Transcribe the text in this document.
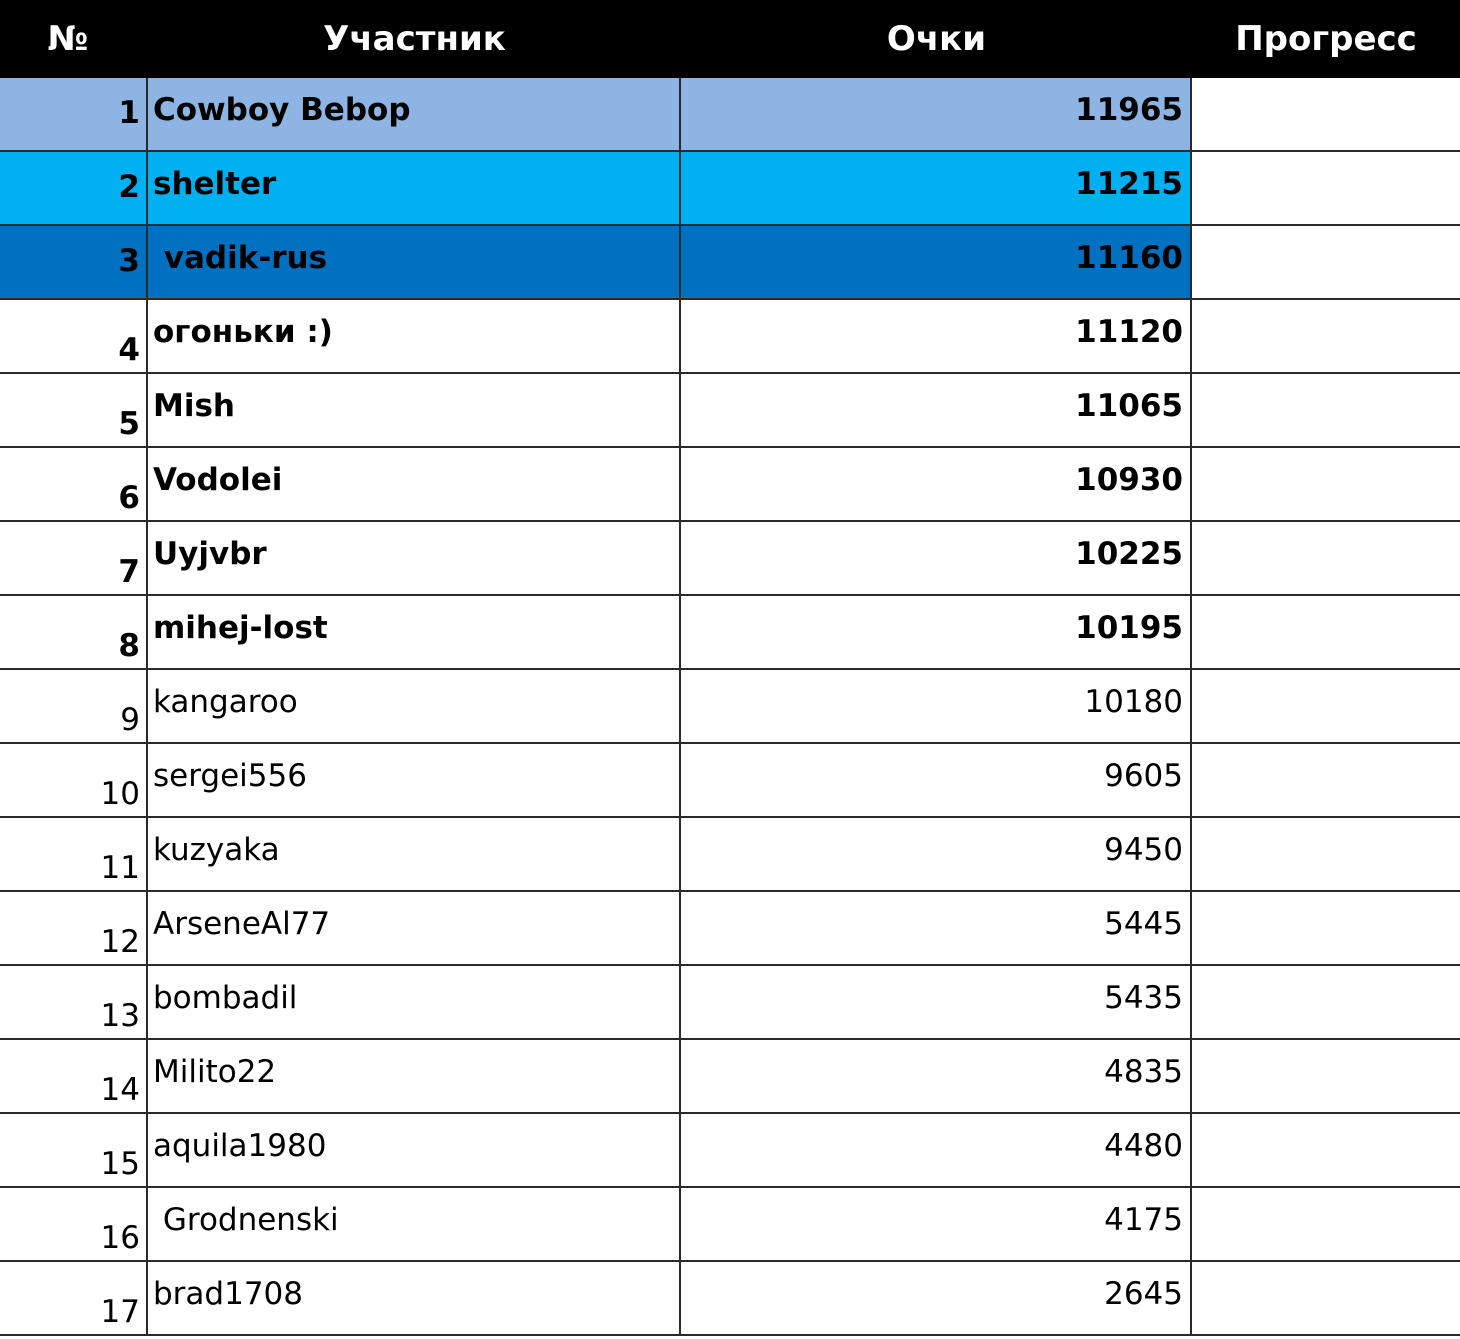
№	Участник	Очки	Прогресс
1 Cowboy Bebop	11965
2 shelter	11215
3 vadik-rus	11160
4 огоньки :)	11120
5 Mish	11065
6 Vodolei	10930
7 Uyjvbr	10225
8 mihej-lost	10195
9 kangaroo	10180
10 sergei556	9605
11 kuzyaka	9450
12 ArseneAl77	5445
13 bombadil	5435
14 Milito22	4835
15 aquila1980	4480
16 Grodnenski	4175
17 brad1708	2645
